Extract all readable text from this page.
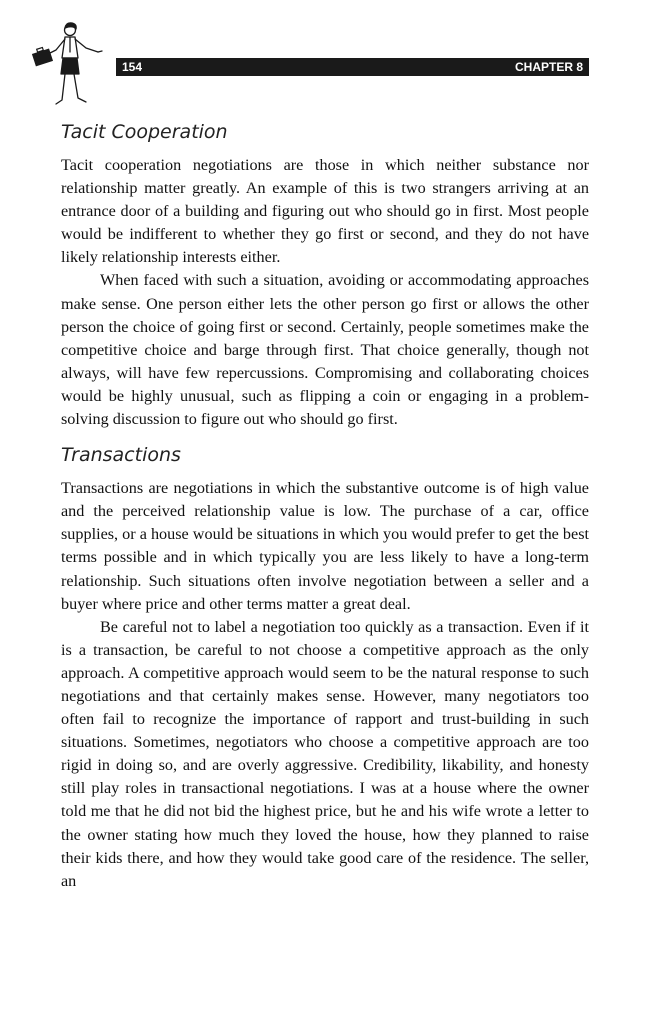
154	CHAPTER 8
Tacit Cooperation

Tacit cooperation negotiations are those in which neither substance nor relationship matter greatly. An example of this is two strangers arriving at an entrance door of a building and figuring out who should go in first. Most people would be indifferent to whether they go first or second, and they do not have likely relationship interests either.

When faced with such a situation, avoiding or accommodating approaches make sense. One person either lets the other person go first or allows the other person the choice of going first or second. Certainly, people sometimes make the competitive choice and barge through first. That choice generally, though not always, will have few repercussions. Compromising and collaborating choices would be highly unusual, such as flipping a coin or engaging in a problem-solving discussion to figure out who should go first.

Transactions

Transactions are negotiations in which the substantive outcome is of high value and the perceived relationship value is low. The purchase of a car, office supplies, or a house would be situations in which you would prefer to get the best terms possible and in which typically you are less likely to have a long-term relationship. Such situations often involve negotiation between a seller and a buyer where price and other terms matter a great deal.

Be careful not to label a negotiation too quickly as a transaction. Even if it is a transaction, be careful to not choose a competitive approach as the only approach. A competitive approach would seem to be the natural response to such negotiations and that certainly makes sense. However, many negotiators too often fail to recognize the importance of rapport and trust-building in such situations. Sometimes, negotiators who choose a competitive approach are too rigid in doing so, and are overly aggressive. Credibility, likability, and honesty still play roles in transactional negotiations. I was at a house where the owner told me that he did not bid the highest price, but he and his wife wrote a letter to the owner stating how much they loved the house, how they planned to raise their kids there, and how they would take good care of the residence. The seller, an
